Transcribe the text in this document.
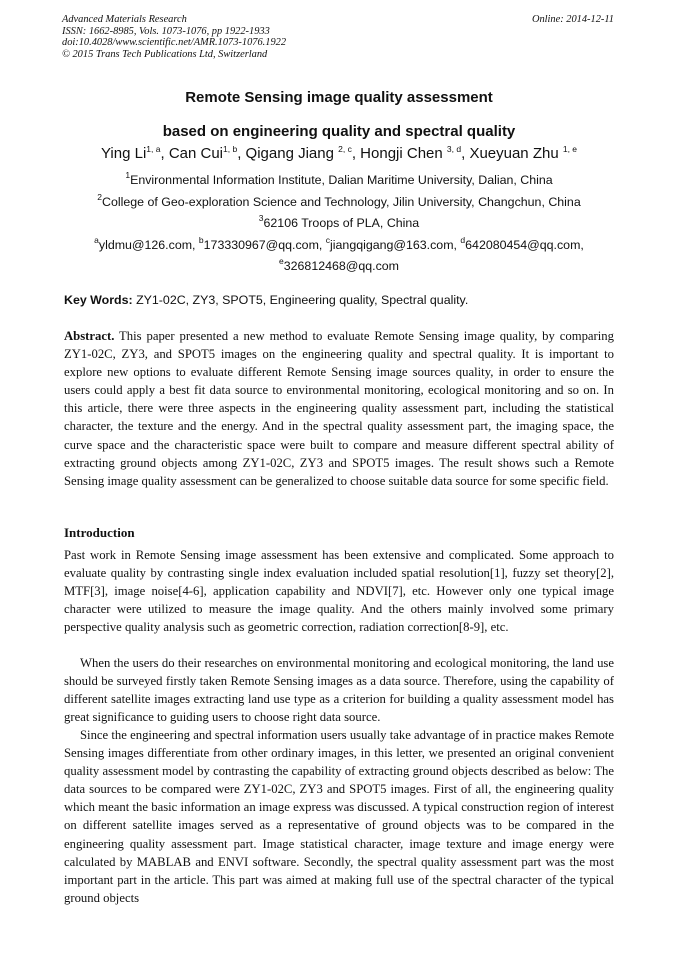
Advanced Materials Research
ISSN: 1662-8985, Vols. 1073-1076, pp 1922-1933
doi:10.4028/www.scientific.net/AMR.1073-1076.1922
© 2015 Trans Tech Publications Ltd, Switzerland
Online: 2014-12-11
Remote Sensing image quality assessment
based on engineering quality and spectral quality
Ying Li$^{1, a}$, Can Cui$^{1, b}$, Qigang Jiang $^{2, c}$, Hongji Chen $^{3, d}$, Xueyuan Zhu $^{1, e}$
$^1$Environmental Information Institute, Dalian Maritime University, Dalian, China
$^2$College of Geo-exploration Science and Technology, Jilin University, Changchun, China
$^3$62106 Troops of PLA, China
$^a$yldmu@126.com, $^b$173330967@qq.com, $^c$jiangqigang@163.com, $^d$642080454@qq.com,
$^e$326812468@qq.com
Key Words: ZY1-02C, ZY3, SPOT5, Engineering quality, Spectral quality.

Abstract. This paper presented a new method to evaluate Remote Sensing image quality, by comparing ZY1-02C, ZY3, and SPOT5 images on the engineering quality and spectral quality. It is important to explore new options to evaluate different Remote Sensing image sources quality, in order to ensure the users could apply a best fit data source to environmental monitoring, ecological monitoring and so on. In this article, there were three aspects in the engineering quality assessment part, including the statistical character, the texture and the energy. And in the spectral quality assessment part, the imaging space, the curve space and the characteristic space were built to compare and measure different spectral ability of extracting ground objects among ZY1-02C, ZY3 and SPOT5 images. The result shows such a Remote Sensing image quality assessment can be generalized to choose suitable data source for some specific field.

Introduction

Past work in Remote Sensing image assessment has been extensive and complicated. Some approach to evaluate quality by contrasting single index evaluation included spatial resolution[1], fuzzy set theory[2], MTF[3], image noise[4-6], application capability and NDVI[7], etc. However only one typical image character were utilized to measure the image quality. And the others mainly involved some primary perspective quality analysis such as geometric correction, radiation correction[8-9], etc.

When the users do their researches on environmental monitoring and ecological monitoring, the land use should be surveyed firstly taken Remote Sensing images as a data source. Therefore, using the capability of different satellite images extracting land use type as a criterion for building a quality assessment model has great significance to guiding users to choose right data source.

Since the engineering and spectral information users usually take advantage of in practice makes Remote Sensing images differentiate from other ordinary images, in this letter, we presented an original convenient quality assessment model by contrasting the capability of extracting ground objects described as below: The data sources to be compared were ZY1-02C, ZY3 and SPOT5 images. First of all, the engineering quality which meant the basic information an image express was discussed. A typical construction region of interest on different satellite images served as a representative of ground objects was to be compared in the engineering quality assessment part. Image statistical character, image texture and image energy were calculated by MABLAB and ENVI software. Secondly, the spectral quality assessment part was the most important part in the article. This part was aimed at making full use of the spectral character of the typical ground objects
